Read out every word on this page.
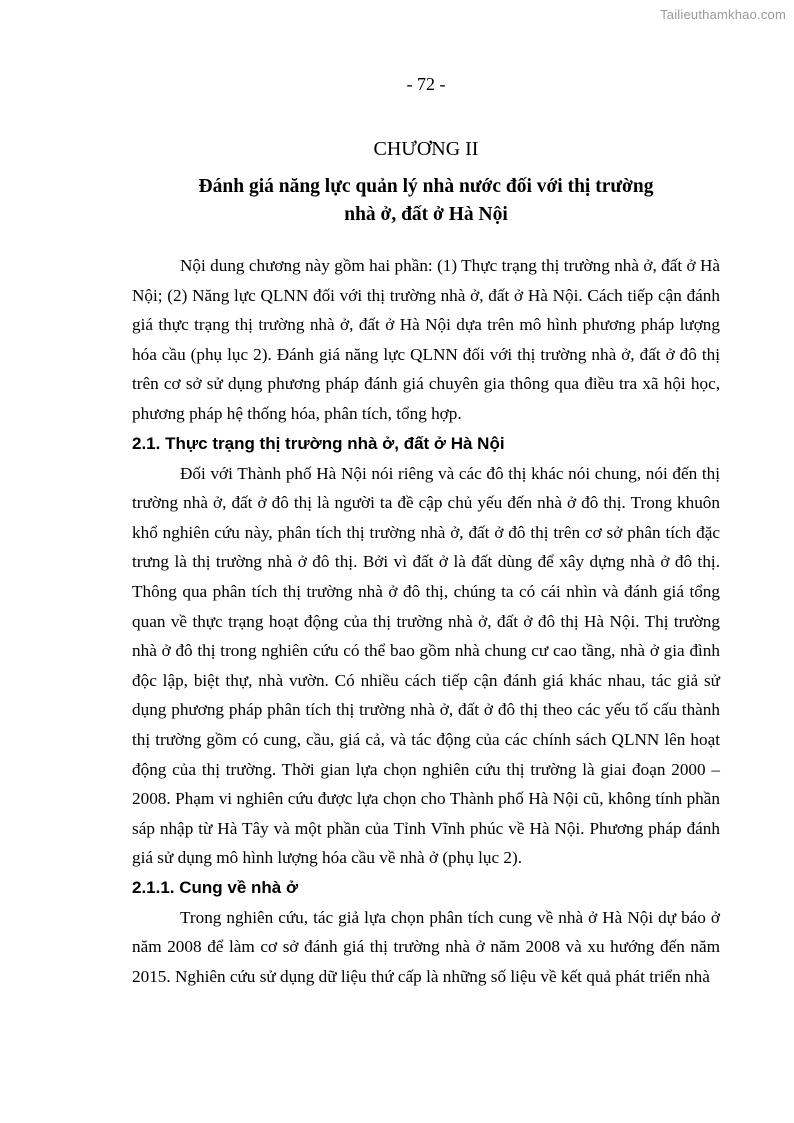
Tailieuthamkhao.com
- 72 -
CHƯƠNG II
Đánh giá năng lực quản lý nhà nước đối với thị trường
nhà ở, đất ở Hà Nội

Nội dung chương này gồm hai phần: (1) Thực trạng thị trường nhà ở, đất ở Hà Nội; (2) Năng lực QLNN đối với thị trường nhà ở, đất ở Hà Nội. Cách tiếp cận đánh giá thực trạng thị trường nhà ở, đất ở Hà Nội dựa trên mô hình phương pháp lượng hóa cầu (phụ lục 2). Đánh giá năng lực QLNN đối với thị trường nhà ở, đất ở đô thị trên cơ sở sử dụng phương pháp đánh giá chuyên gia thông qua điều tra xã hội học, phương pháp hệ thống hóa, phân tích, tổng hợp.

2.1. Thực trạng thị trường nhà ở, đất ở Hà Nội

Đối với Thành phố Hà Nội nói riêng và các đô thị khác nói chung, nói đến thị trường nhà ở, đất ở đô thị là người ta đề cập chủ yếu đến nhà ở đô thị. Trong khuôn khổ nghiên cứu này, phân tích thị trường nhà ở, đất ở đô thị trên cơ sở phân tích đặc trưng là thị trường nhà ở đô thị. Bởi vì đất ở là đất dùng để xây dựng nhà ở đô thị. Thông qua phân tích thị trường nhà ở đô thị, chúng ta có cái nhìn và đánh giá tổng quan về thực trạng hoạt động của thị trường nhà ở, đất ở đô thị Hà Nội. Thị trường nhà ở đô thị trong nghiên cứu có thể bao gồm nhà chung cư cao tầng, nhà ở gia đình độc lập, biệt thự, nhà vườn. Có nhiều cách tiếp cận đánh giá khác nhau, tác giả sử dụng phương pháp phân tích thị trường nhà ở, đất ở đô thị theo các yếu tố cấu thành thị trường gồm có cung, cầu, giá cả, và tác động của các chính sách QLNN lên hoạt động của thị trường. Thời gian lựa chọn nghiên cứu thị trường là giai đoạn 2000 – 2008. Phạm vi nghiên cứu được lựa chọn cho Thành phố Hà Nội cũ, không tính phần sáp nhập từ Hà Tây và một phần của Tỉnh Vĩnh phúc về Hà Nội. Phương pháp đánh giá sử dụng mô hình lượng hóa cầu về nhà ở (phụ lục 2).

2.1.1. Cung về nhà ở

Trong nghiên cứu, tác giả lựa chọn phân tích cung về nhà ở Hà Nội dự báo ở năm 2008 để làm cơ sở đánh giá thị trường nhà ở năm 2008 và xu hướng đến năm 2015. Nghiên cứu sử dụng dữ liệu thứ cấp là những số liệu về kết quả phát triển nhà
